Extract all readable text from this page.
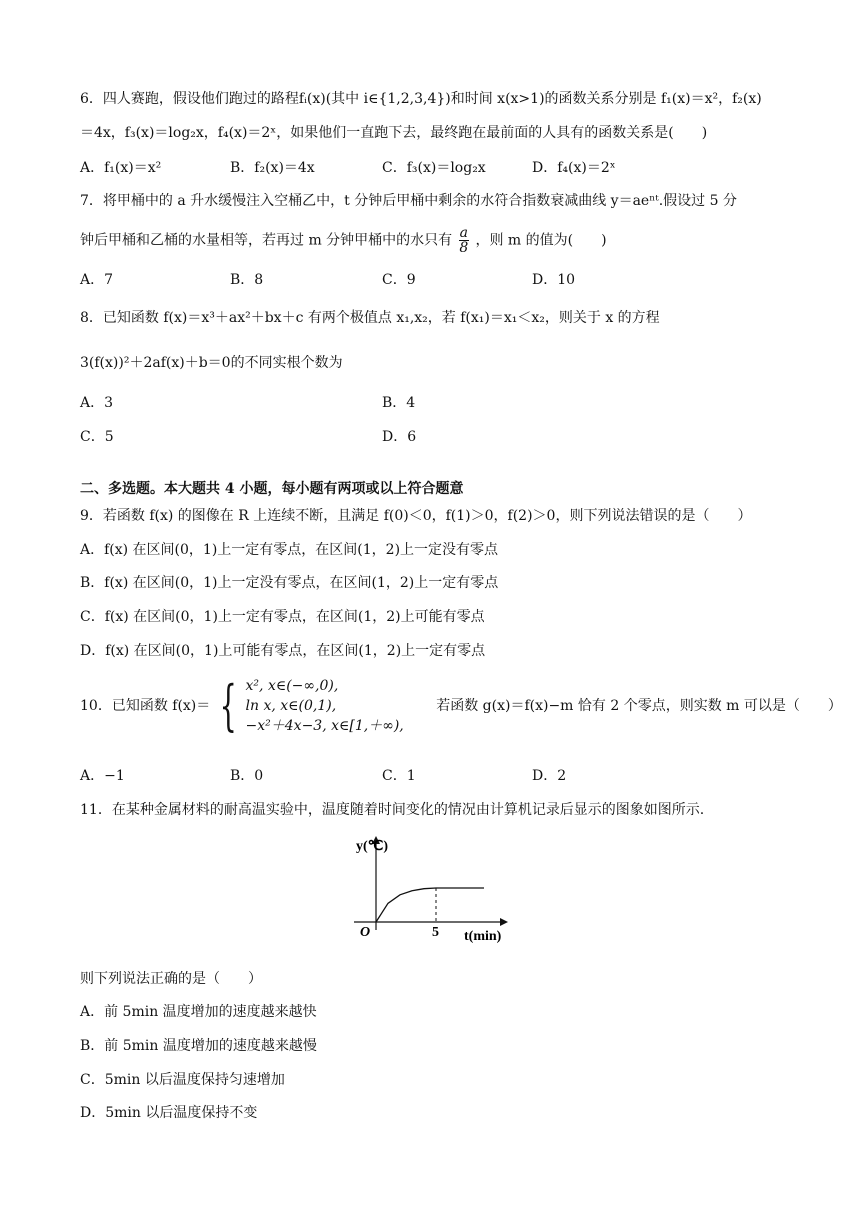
6．四人赛跑，假设他们跑过的路程fᵢ(x)(其中 i∈{1,2,3,4})和时间 x(x>1)的函数关系分别是 f₁(x)＝x²，f₂(x)
＝4x，f₃(x)＝log₂x，f₄(x)＝2ˣ，如果他们一直跑下去，最终跑在最前面的人具有的函数关系是(　　)
A．f₁(x)＝x²	B．f₂(x)＝4x	C．f₃(x)＝log₂x	D．f₄(x)＝2ˣ
7．将甲桶中的 a 升水缓慢注入空桶乙中，t 分钟后甲桶中剩余的水符合指数衰减曲线 y＝aeⁿᵗ.假设过 5 分
钟后甲桶和乙桶的水量相等，若再过 m 分钟甲桶中的水只有 $\frac{a}{8}$ ，则 m 的值为(　　)
A．7	B．8	C．9	D．10
8．已知函数 f(x)＝x³＋ax²＋bx＋c 有两个极值点 x₁,x₂，若 f(x₁)＝x₁＜x₂，则关于 x 的方程
3(f(x))²＋2af(x)＋b＝0的不同实根个数为
A．3	B．4
C．5	D．6
二、多选题。本大题共 4 小题，每小题有两项或以上符合题意
9．若函数 f(x) 的图像在 R 上连续不断，且满足 f(0)＜0，f(1)＞0，f(2)＞0，则下列说法错误的是（　　）
A．f(x) 在区间(0，1)上一定有零点，在区间(1，2)上一定没有零点
B．f(x) 在区间(0，1)上一定没有零点，在区间(1，2)上一定有零点
C．f(x) 在区间(0，1)上一定有零点，在区间(1，2)上可能有零点
D．f(x) 在区间(0，1)上可能有零点，在区间(1，2)上一定有零点
10．已知函数 f(x)＝ { x², x∈(−∞,0),
ln x, x∈(0,1),
−x²＋4x−3, x∈[1,＋∞),
若函数 g(x)＝f(x)−m 恰有 2 个零点，则实数 m 可以是（　　）
A．−1	B．0	C．1	D．2
11．在某种金属材料的耐高温实验中，温度随着时间变化的情况由计算机记录后显示的图象如图所示.
y(℃)
t(min)
O	5
则下列说法正确的是（　　）
A．前 5min 温度增加的速度越来越快
B．前 5min 温度增加的速度越来越慢
C．5min 以后温度保持匀速增加
D．5min 以后温度保持不变
